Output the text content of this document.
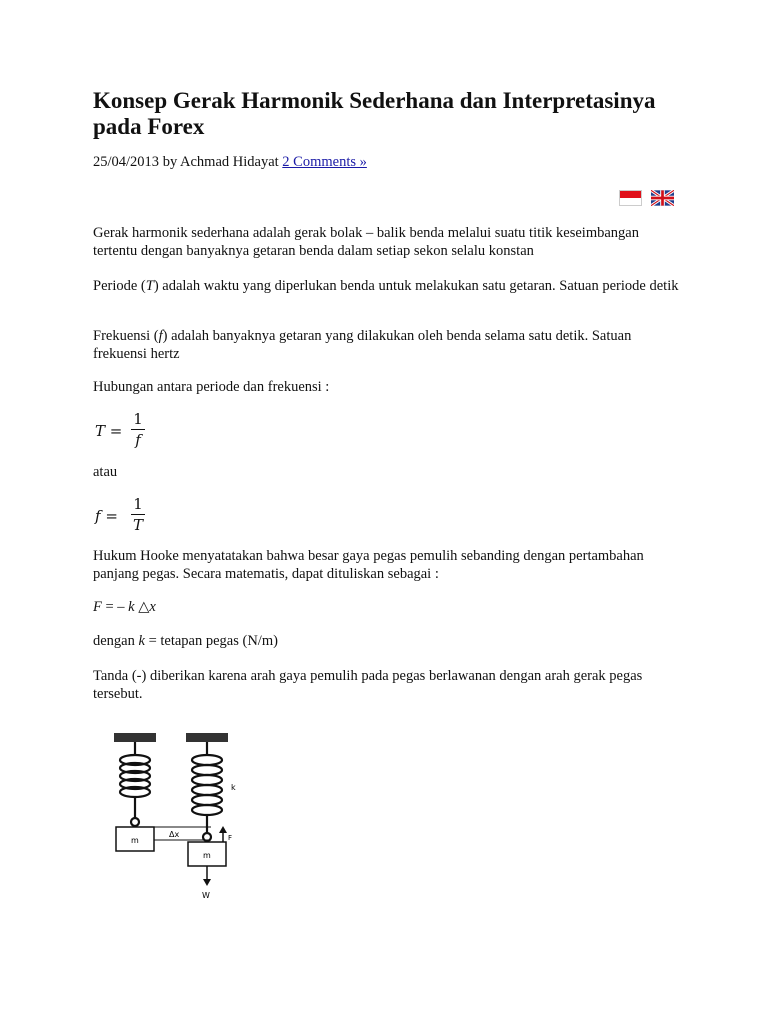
Konsep Gerak Harmonik Sederhana dan Interpretasinya pada Forex
25/04/2013 by Achmad Hidayat 2 Comments »

Gerak harmonik sederhana adalah gerak bolak – balik benda melalui suatu titik keseimbangan tertentu dengan banyaknya getaran benda dalam setiap sekon selalu konstan

Periode (T) adalah waktu yang diperlukan benda untuk melakukan satu getaran. Satuan periode detik

Frekuensi (f) adalah banyaknya getaran yang dilakukan oleh benda selama satu detik. Satuan frekuensi hertz

Hubungan antara periode dan frekuensi :

T =
1
f

atau

f =
1
T

Hukum Hooke menyatatakan bahwa besar gaya pegas pemulih sebanding dengan pertambahan panjang pegas. Secara matematis, dapat dituliskan sebagai :

F = – k △x

dengan k = tetapan pegas (N/m)

Tanda (-) diberikan karena arah gaya pemulih pada pegas berlawanan dengan arah gerak pegas tersebut.

m
Δx
k
F
m
W
